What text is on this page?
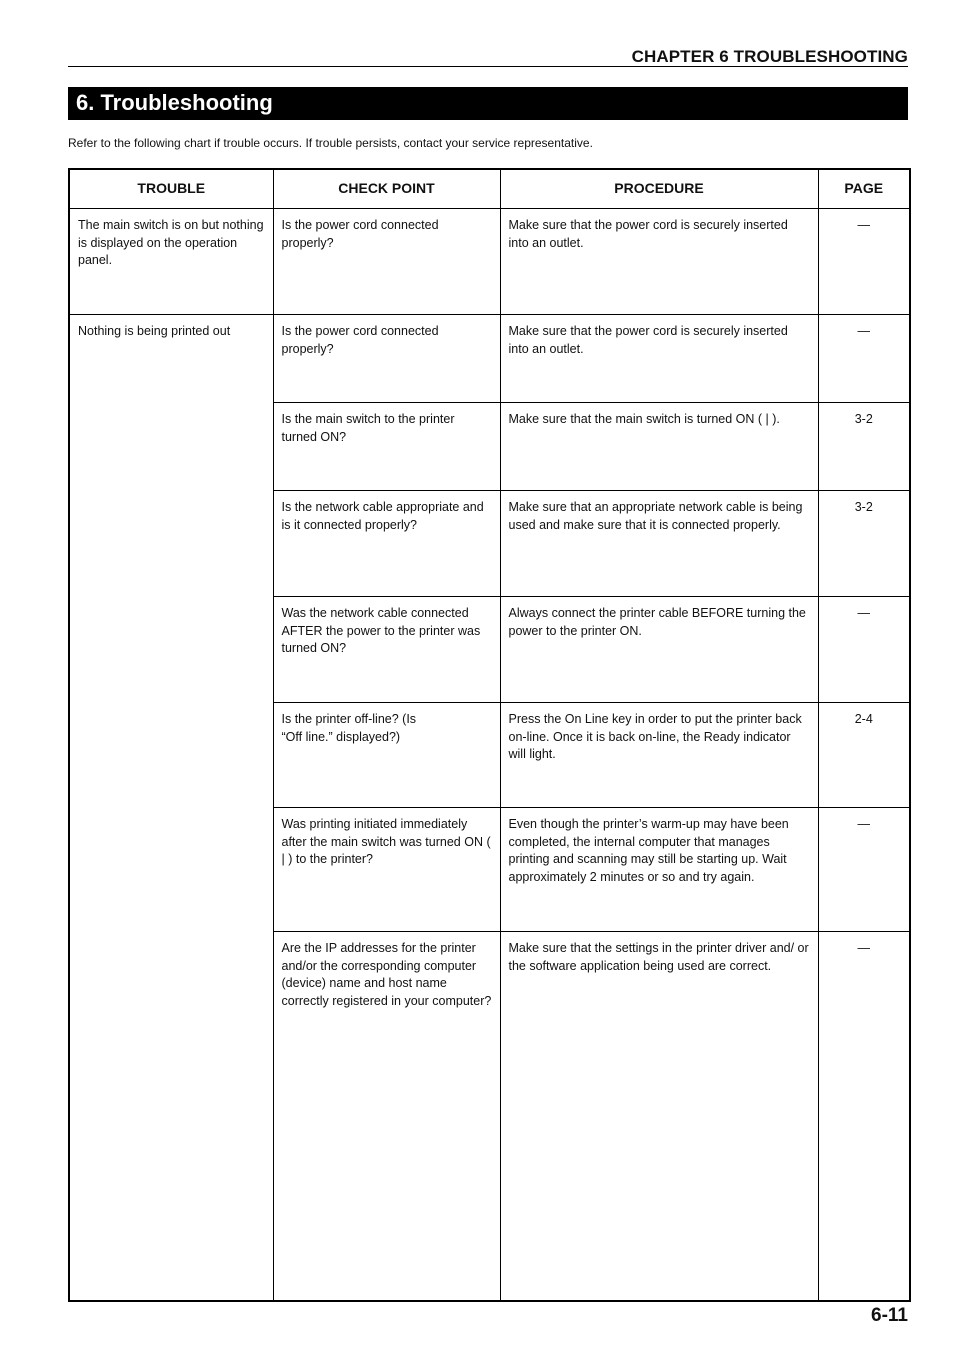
CHAPTER 6 TROUBLESHOOTING
6. Troubleshooting
Refer to the following chart if trouble occurs. If trouble persists, contact your service representative.
TROUBLE	CHECK POINT	PROCEDURE	PAGE
The main switch is on but nothing is displayed on the operation panel.	Is the power cord connected properly?	Make sure that the power cord is securely inserted into an outlet.	—
Nothing is being printed out	Is the power cord connected properly?	Make sure that the power cord is securely inserted into an outlet.	—
	Is the main switch to the printer turned ON?	Make sure that the main switch is turned ON ( | ).	3-2
	Is the network cable appropriate and is it connected properly?	Make sure that an appropriate network cable is being used and make sure that it is connected properly.	3-2
	Was the network cable connected AFTER the power to the printer was turned ON?	Always connect the printer cable BEFORE turning the power to the printer ON.	—

	Is the printer off-line? (Is “Off line.” displayed?)	Press the On Line key in order to put the printer back on-line. Once it is back on-line, the Ready indicator will light.	2-4
	Was printing initiated immediately after the main switch was turned ON ( | ) to the printer?	Even though the printer’s warm-up may have been completed, the internal computer that manages printing and scanning may still be starting up. Wait approximately 2 minutes or so and try again.	—
	Are the IP addresses for the printer and/or the corresponding computer (device) name and host name correctly registered in your computer?	Make sure that the settings in the printer driver and/ or the software application being used are correct.	—
6-11
